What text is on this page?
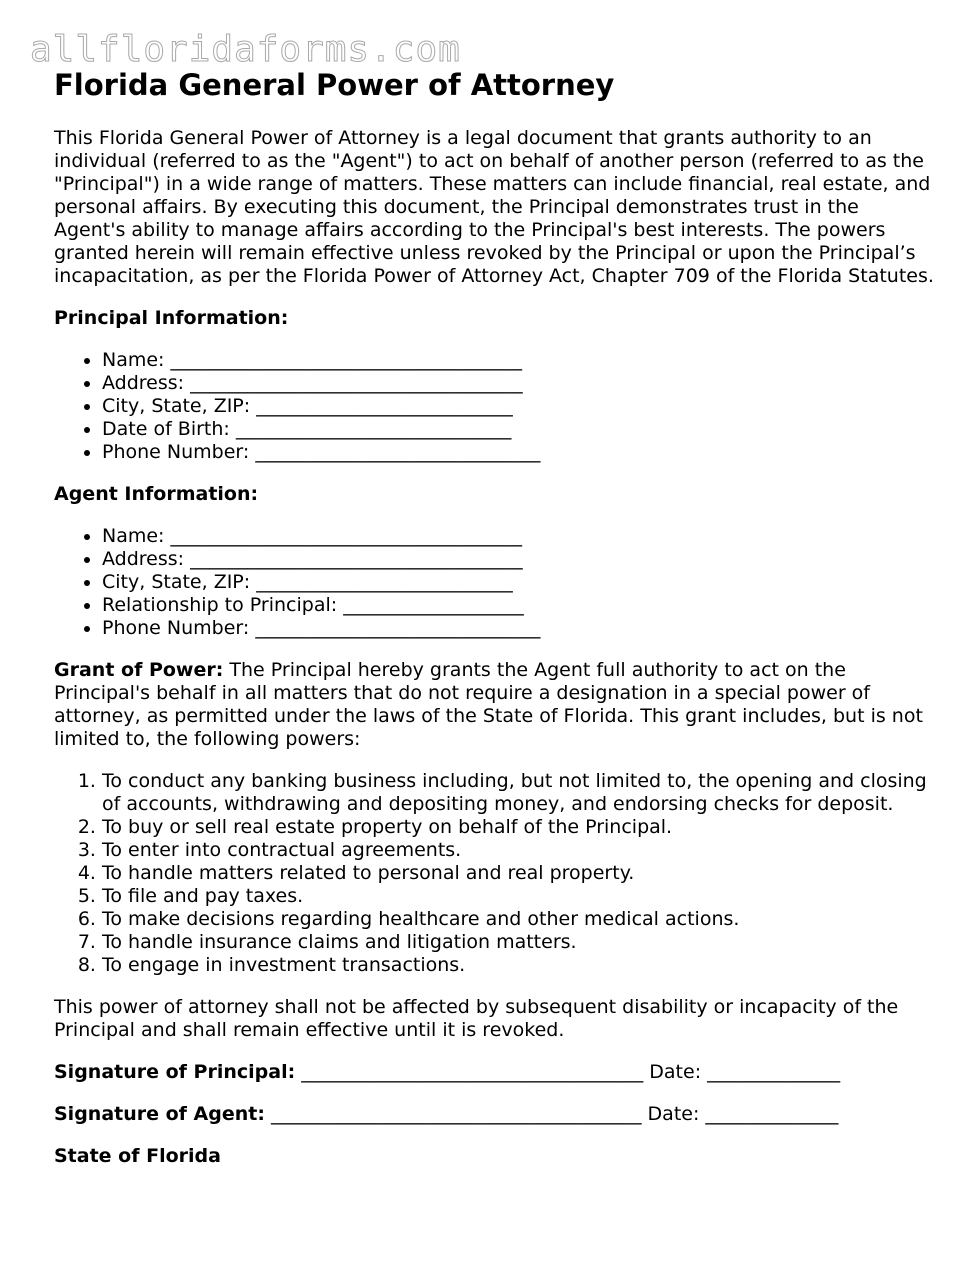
allfloridaforms.com
Florida General Power of Attorney

This Florida General Power of Attorney is a legal document that grants authority to an individual (referred to as the "Agent") to act on behalf of another person (referred to as the "Principal") in a wide range of matters. These matters can include financial, real estate, and personal affairs. By executing this document, the Principal demonstrates trust in the Agent's ability to manage affairs according to the Principal's best interests. The powers granted herein will remain effective unless revoked by the Principal or upon the Principal’s incapacitation, as per the Florida Power of Attorney Act, Chapter 709 of the Florida Statutes.

Principal Information:

• Name: _____________________________________
• Address: ___________________________________
• City, State, ZIP: ___________________________
• Date of Birth: _____________________________
• Phone Number: ______________________________

Agent Information:

• Name: _____________________________________
• Address: ___________________________________
• City, State, ZIP: ___________________________
• Relationship to Principal: ___________________
• Phone Number: ______________________________

Grant of Power: The Principal hereby grants the Agent full authority to act on the Principal's behalf in all matters that do not require a designation in a special power of attorney, as permitted under the laws of the State of Florida. This grant includes, but is not limited to, the following powers:

1. To conduct any banking business including, but not limited to, the opening and closing of accounts, withdrawing and depositing money, and endorsing checks for deposit.
2. To buy or sell real estate property on behalf of the Principal.
3. To enter into contractual agreements.
4. To handle matters related to personal and real property.
5. To file and pay taxes.
6. To make decisions regarding healthcare and other medical actions.
7. To handle insurance claims and litigation matters.
8. To engage in investment transactions.

This power of attorney shall not be affected by subsequent disability or incapacity of the Principal and shall remain effective until it is revoked.

Signature of Principal: ____________________________________ Date: ______________

Signature of Agent: _______________________________________ Date: ______________

State of Florida
